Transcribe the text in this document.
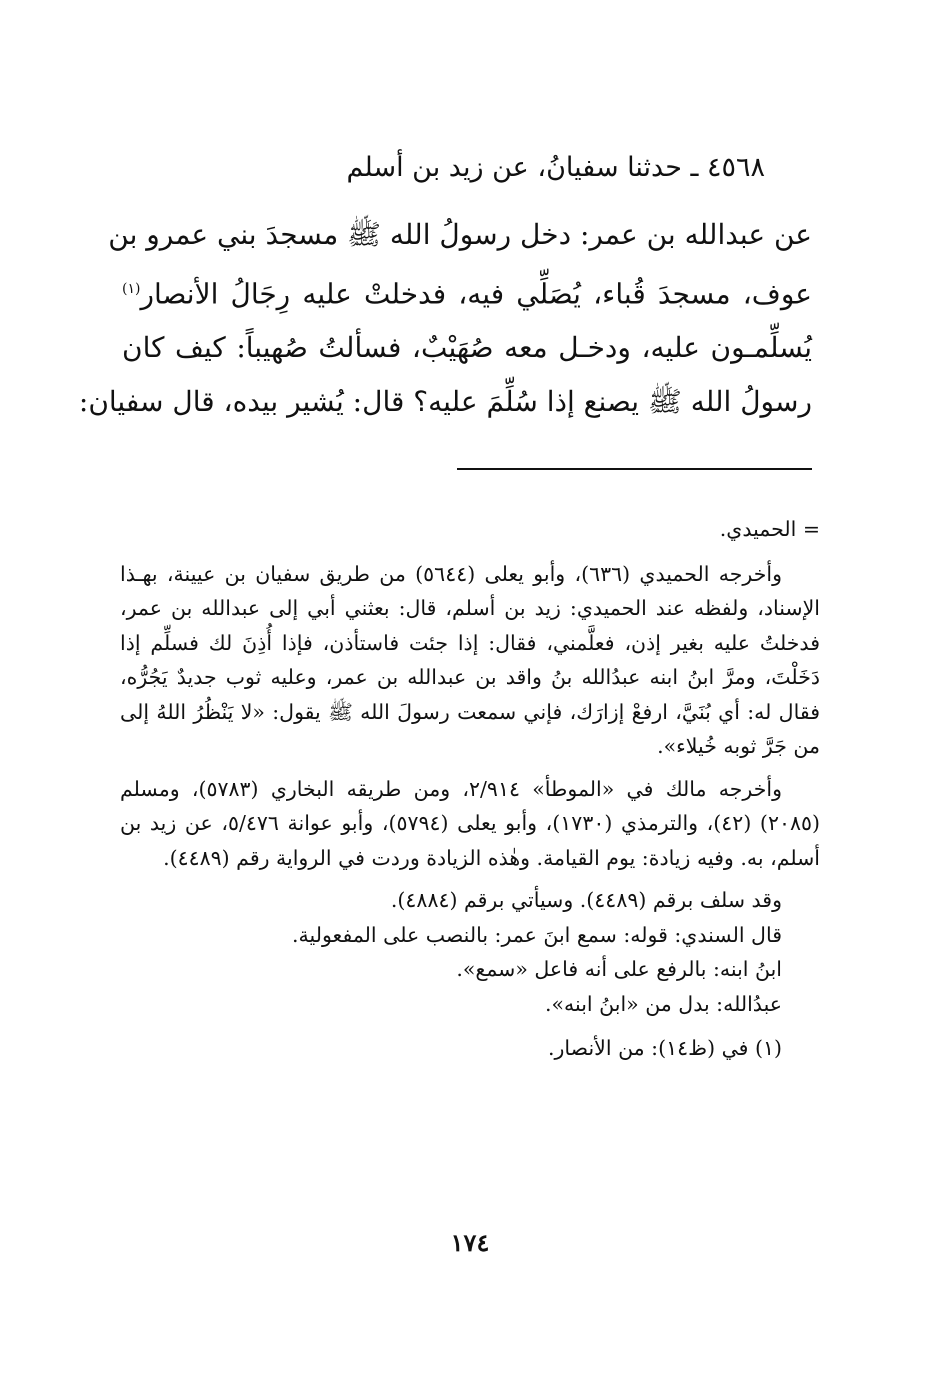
٤٥٦٨ ـ حدثنا سفيانُ، عن زيد بن أسلم
عن عبدالله بن عمر: دخل رسولُ الله ﷺ مسجدَ بني عمرو بن
عوف، مسجدَ قُباء، يُصَلِّي فيه، فدخلتْ عليه رِجَالُ الأنصار$^{(١)}$
يُسلِّمـون عليه، ودخـل معه صُهَيْبٌ، فسألتُ صُهيباً: كيف كان
رسولُ الله ﷺ يصنع إذا سُلِّمَ عليه؟ قال: يُشير بيده، قال سفيان:

= الحميدي.

وأخرجه الحميدي (٦٣٦)، وأبو يعلى (٥٦٤٤) من طريق سفيان بن عيينة، بهـذا الإسناد، ولفظه عند الحميدي: زيد بن أسلم، قال: بعثني أبي إلى عبدالله بن عمر، فدخلتُ عليه بغير إذن، فعلَّمني، فقال: إذا جئت فاستأذن، فإذا أُذِنَ لك فسلِّم إذا دَخَلْتَ، ومرَّ ابنُ ابنه عبدُالله بنُ واقد بن عبدالله بن عمر، وعليه ثوب جديدٌ يَجُرُّه، فقال له: أي بُنَيَّ، ارفعْ إزارَك، فإني سمعت رسولَ الله ﷺ يقول: «لا يَنْظُرُ اللهُ إلى من جَرَّ ثوبه خُيلاء».

وأخرجه مالك في «الموطأ» ٢/٩١٤، ومن طريقه البخاري (٥٧٨٣)، ومسلم (٢٠٨٥) (٤٢)، والترمذي (١٧٣٠)، وأبو يعلى (٥٧٩٤)، وأبو عوانة ٥/٤٧٦، عن زيد بن أسلم، به. وفيه زيادة: يوم القيامة. وهٰذه الزيادة وردت في الرواية رقم (٤٤٨٩).

وقد سلف برقم (٤٤٨٩). وسيأتي برقم (٤٨٨٤).

قال السندي: قوله: سمع ابنَ عمر: بالنصب على المفعولية.

ابنُ ابنه: بالرفع على أنه فاعل «سمع».

عبدُالله: بدل من «ابنُ ابنه».

(١) في (ظ١٤): من الأنصار.

١٧٤
